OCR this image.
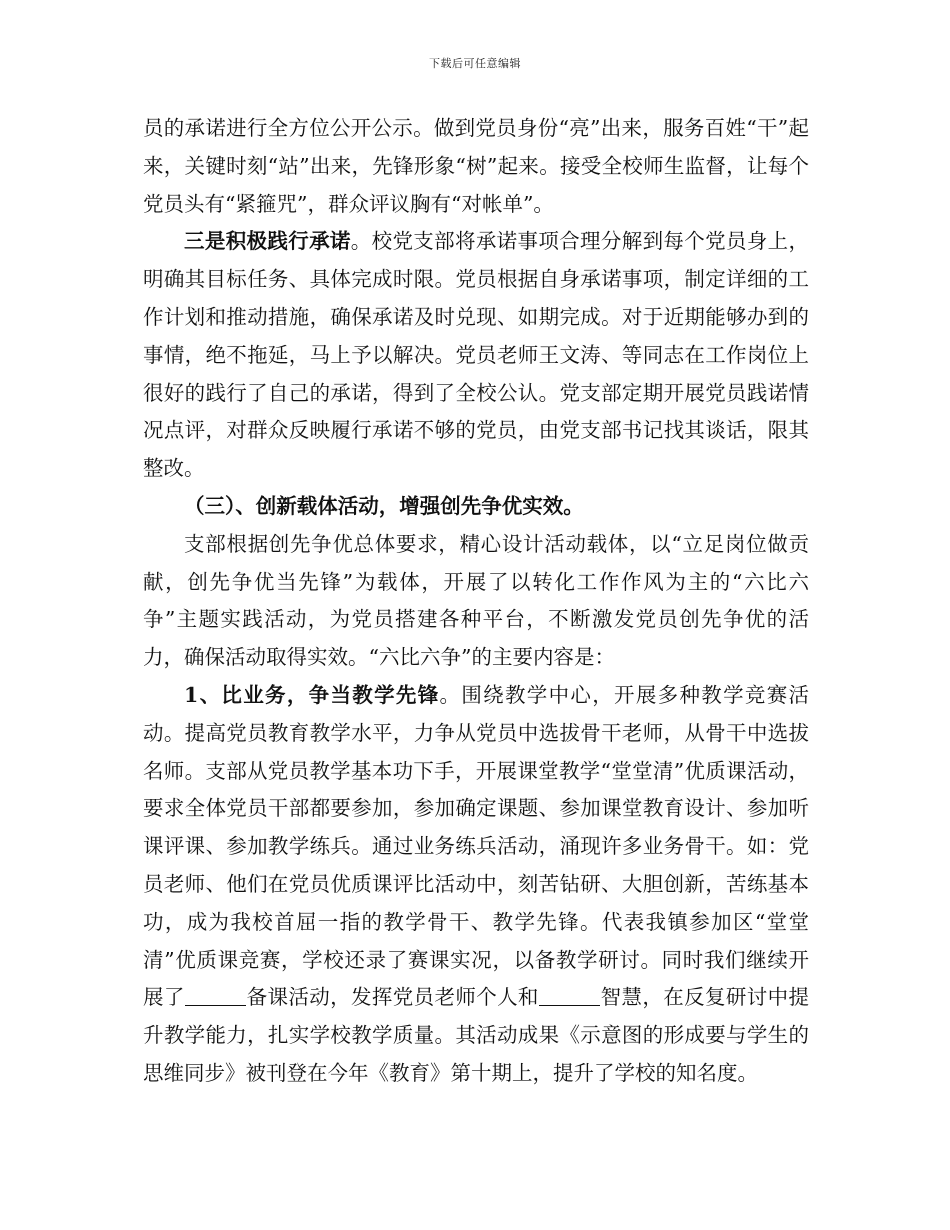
下载后可任意编辑

员的承诺进行全方位公开公示。做到党员身份“亮”出来，服务百姓“干”起来，关键时刻“站”出来，先锋形象“树”起来。接受全校师生监督，让每个党员头有“紧箍咒”，群众评议胸有“对帐单”。

三是积极践行承诺。校党支部将承诺事项合理分解到每个党员身上，明确其目标任务、具体完成时限。党员根据自身承诺事项，制定详细的工作计划和推动措施，确保承诺及时兑现、如期完成。对于近期能够办到的事情，绝不拖延，马上予以解决。党员老师王文涛、等同志在工作岗位上很好的践行了自己的承诺，得到了全校公认。党支部定期开展党员践诺情况点评，对群众反映履行承诺不够的党员，由党支部书记找其谈话，限其整改。

（三）、创新载体活动，增强创先争优实效。

支部根据创先争优总体要求，精心设计活动载体，以“立足岗位做贡献，创先争优当先锋”为载体，开展了以转化工作作风为主的“六比六争”主题实践活动，为党员搭建各种平台，不断激发党员创先争优的活力，确保活动取得实效。“六比六争”的主要内容是：

1、比业务，争当教学先锋。围绕教学中心，开展多种教学竞赛活动。提高党员教育教学水平，力争从党员中选拔骨干老师，从骨干中选拔名师。支部从党员教学基本功下手，开展课堂教学“堂堂清”优质课活动，要求全体党员干部都要参加，参加确定课题、参加课堂教育设计、参加听课评课、参加教学练兵。通过业务练兵活动，涌现许多业务骨干。如：党员老师、他们在党员优质课评比活动中，刻苦钻研、大胆创新，苦练基本功，成为我校首屈一指的教学骨干、教学先锋。代表我镇参加区“堂堂清”优质课竞赛，学校还录了赛课实况，以备教学研讨。同时我们继续开展了	备课活动，发挥党员老师个人和	智慧，在反复研讨中提升教学能力，扎实学校教学质量。其活动成果《示意图的形成要与学生的思维同步》被刊登在今年《教育》第十期上，提升了学校的知名度。
